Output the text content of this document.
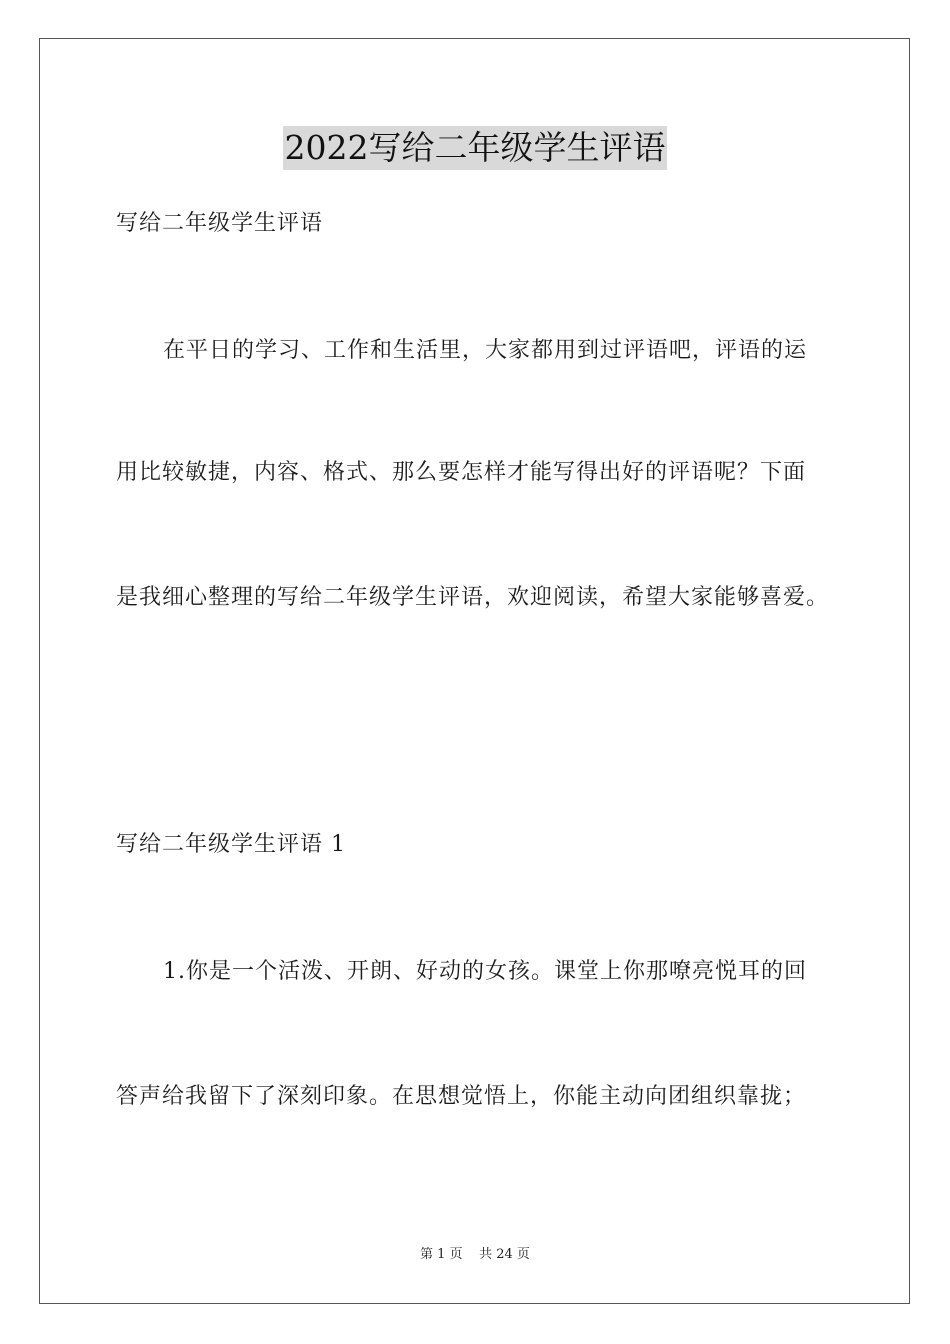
2022写给二年级学生评语
写给二年级学生评语
在平日的学习、工作和生活里，大家都用到过评语吧，评语的运
用比较敏捷，内容、格式、那么要怎样才能写得出好的评语呢？下面
是我细心整理的写给二年级学生评语，欢迎阅读，希望大家能够喜爱。
写给二年级学生评语 1
1.你是一个活泼、开朗、好动的女孩。课堂上你那嘹亮悦耳的回
答声给我留下了深刻印象。在思想觉悟上，你能主动向团组织靠拢；
第 1 页 共 24 页
